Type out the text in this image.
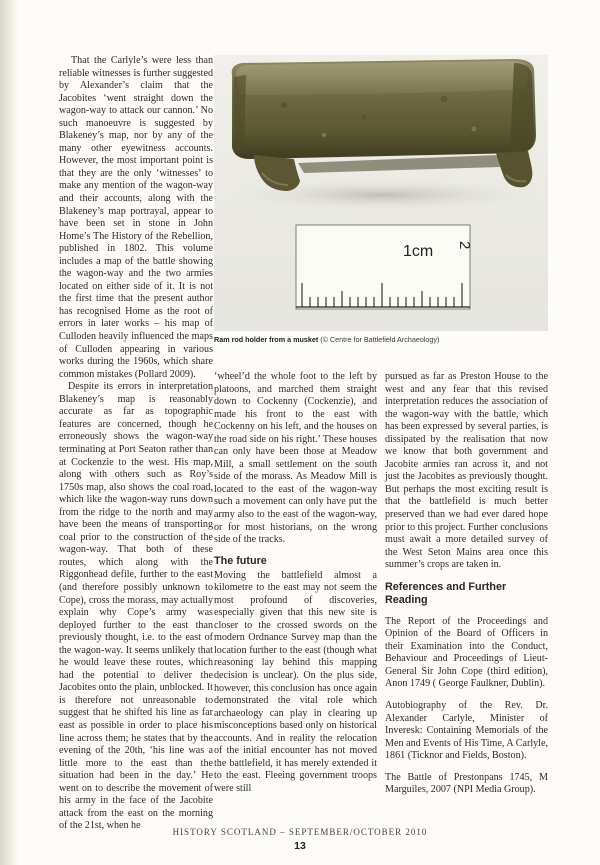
That the Carlyle’s were less than reliable witnesses is further suggested by Alexander’s claim that the Jacobites ‘went straight down the wagon-way to attack our cannon.’ No such manoeuvre is suggested by Blakeney’s map, nor by any of the many other eyewitness accounts. However, the most important point is that they are the only ‘witnesses’ to make any mention of the wagon-way and their accounts, along with the Blakeney’s map portrayal, appear to have been set in stone in John Home’s The History of the Rebellion, published in 1802. This volume includes a map of the battle showing the wagon-way and the two armies located on either side of it. It is not the first time that the present author has recognised Home as the root of errors in later works – his map of Culloden heavily influenced the maps of Culloden appearing in various works during the 1960s, which share common mistakes (Pollard 2009).

Despite its errors in interpretation Blakeney’s map is reasonably accurate as far as topographic features are concerned, though he erroneously shows the wagon-way terminating at Port Seaton rather than at Cockenzie to the west. His map, along with others such as Roy’s 1750s map, also shows the coal road, which like the wagon-way runs down from the ridge to the north and may have been the means of transporting coal prior to the construction of the wagon-way. That both of these routes, which along with the Riggonhead defile, further to the east (and therefore possibly unknown to Cope), cross the morass, may actually explain why Cope’s army was deployed further to the east than previously thought, i.e. to the east of the wagon-way. It seems unlikely that he would leave these routes, which had the potential to deliver the Jacobites onto the plain, unblocked. It is therefore not unreasonable to suggest that he shifted his line as far east as possible in order to place his line across them; he states that by the evening of the 20th, ‘his line was a little more to the east than the situation had been in the day.’ He went on to describe the movement of his army in the face of the Jacobite attack from the east on the morning of the 21st, when he

1cm 2
Ram rod holder from a musket (© Centre for Battlefield Archaeology)

‘wheel’d the whole foot to the left by platoons, and marched them straight down to Cockenny (Cockenzie), and made his front to the east with Cockenny on his left, and the houses on the road side on his right.’ These houses can only have been those at Meadow Mill, a small settlement on the south side of the morass. As Meadow Mill is located to the east of the wagon-way such a movement can only have put the army also to the east of the wagon-way, or for most historians, on the wrong side of the tracks.

The future

Moving the battlefield almost a kilometre to the east may not seem the most profound of discoveries, especially given that this new site is closer to the crossed swords on the modern Ordnance Survey map than the location further to the east (though what reasoning lay behind this mapping decision is unclear). On the plus side, however, this conclusion has once again demonstrated the vital role which archaeology can play in clearing up misconceptions based only on historical accounts. And in reality the relocation of the initial encounter has not moved the battlefield, it has merely extended it to the east. Fleeing government troops were still

pursued as far as Preston House to the west and any fear that this revised interpretation reduces the association of the wagon-way with the battle, which has been expressed by several parties, is dissipated by the realisation that now we know that both government and Jacobite armies ran across it, and not just the Jacobites as previously thought. But perhaps the most exciting result is that the battlefield is much better preserved than we had ever dared hope prior to this project. Further conclusions must await a more detailed survey of the West Seton Mains area once this summer’s crops are taken in.

References and Further Reading

The Report of the Proceedings and Opinion of the Board of Officers in their Examination into the Conduct, Behaviour and Proceedings of Lieut-General Sir John Cope (third edition), Anon 1749 ( George Faulkner, Dublin).

Autobiography of the Rev. Dr. Alexander Carlyle, Minister of Inveresk: Containing Memorials of the Men and Events of His Time, A Carlyle, 1861 (Ticknor and Fields, Boston).

The Battle of Prestonpans 1745, M Marguiles, 2007 (NPI Media Group).

HISTORY SCOTLAND – SEPTEMBER/OCTOBER 2010
13
